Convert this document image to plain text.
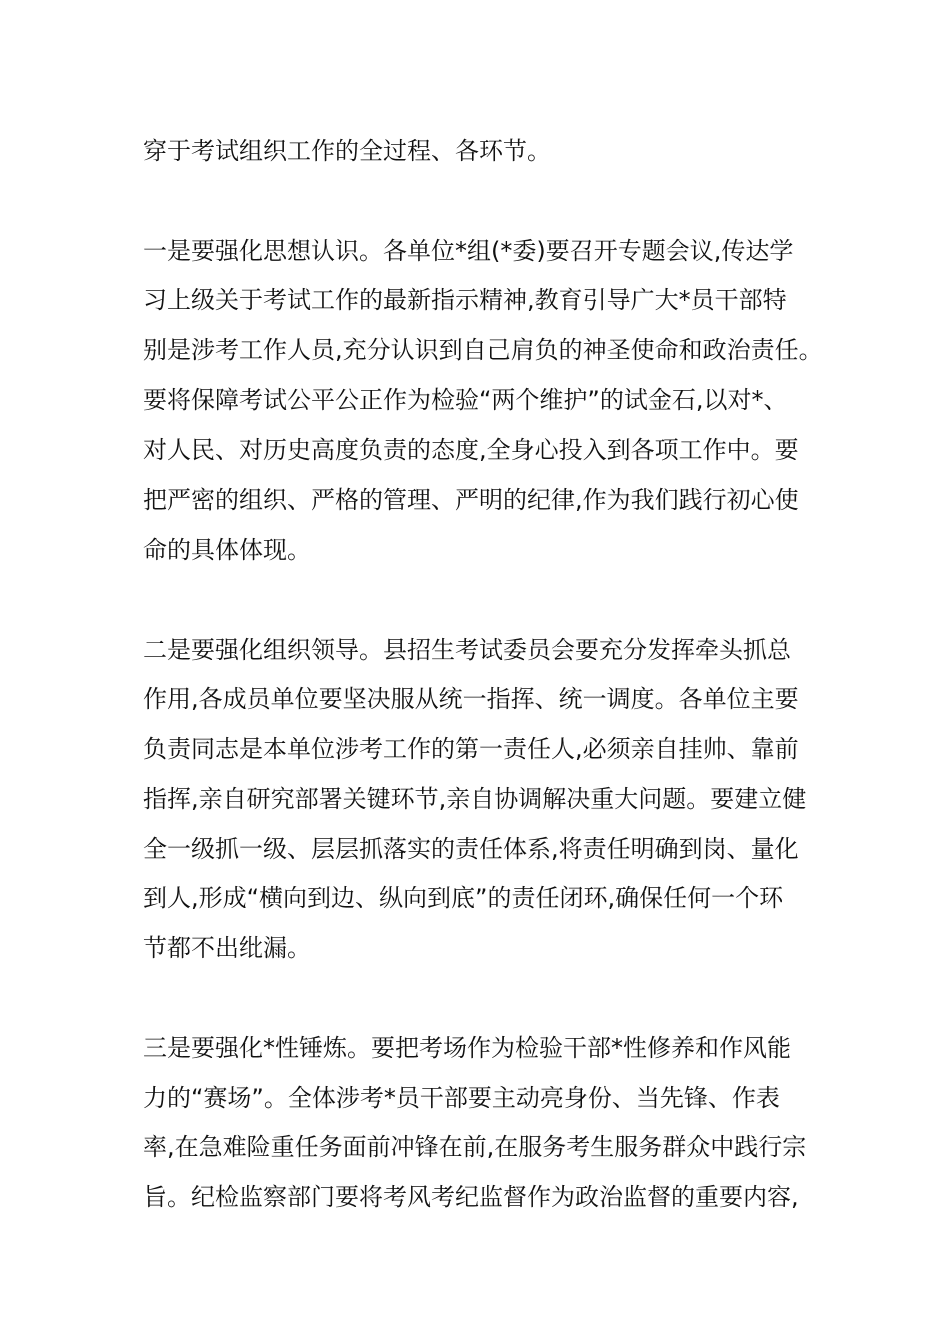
穿于考试组织工作的全过程、各环节。
一是要强化思想认识。各单位*组(*委)要召开专题会议,传达学
习上级关于考试工作的最新指示精神,教育引导广大*员干部特
别是涉考工作人员,充分认识到自己肩负的神圣使命和政治责任。
要将保障考试公平公正作为检验“两个维护”的试金石,以对*、
对人民、对历史高度负责的态度,全身心投入到各项工作中。要
把严密的组织、严格的管理、严明的纪律,作为我们践行初心使
命的具体体现。
二是要强化组织领导。县招生考试委员会要充分发挥牵头抓总
作用,各成员单位要坚决服从统一指挥、统一调度。各单位主要
负责同志是本单位涉考工作的第一责任人,必须亲自挂帅、靠前
指挥,亲自研究部署关键环节,亲自协调解决重大问题。要建立健
全一级抓一级、层层抓落实的责任体系,将责任明确到岗、量化
到人,形成“横向到边、纵向到底”的责任闭环,确保任何一个环
节都不出纰漏。
三是要强化*性锤炼。要把考场作为检验干部*性修养和作风能
力的“赛场”。全体涉考*员干部要主动亮身份、当先锋、作表
率,在急难险重任务面前冲锋在前,在服务考生服务群众中践行宗
旨。纪检监察部门要将考风考纪监督作为政治监督的重要内容,
